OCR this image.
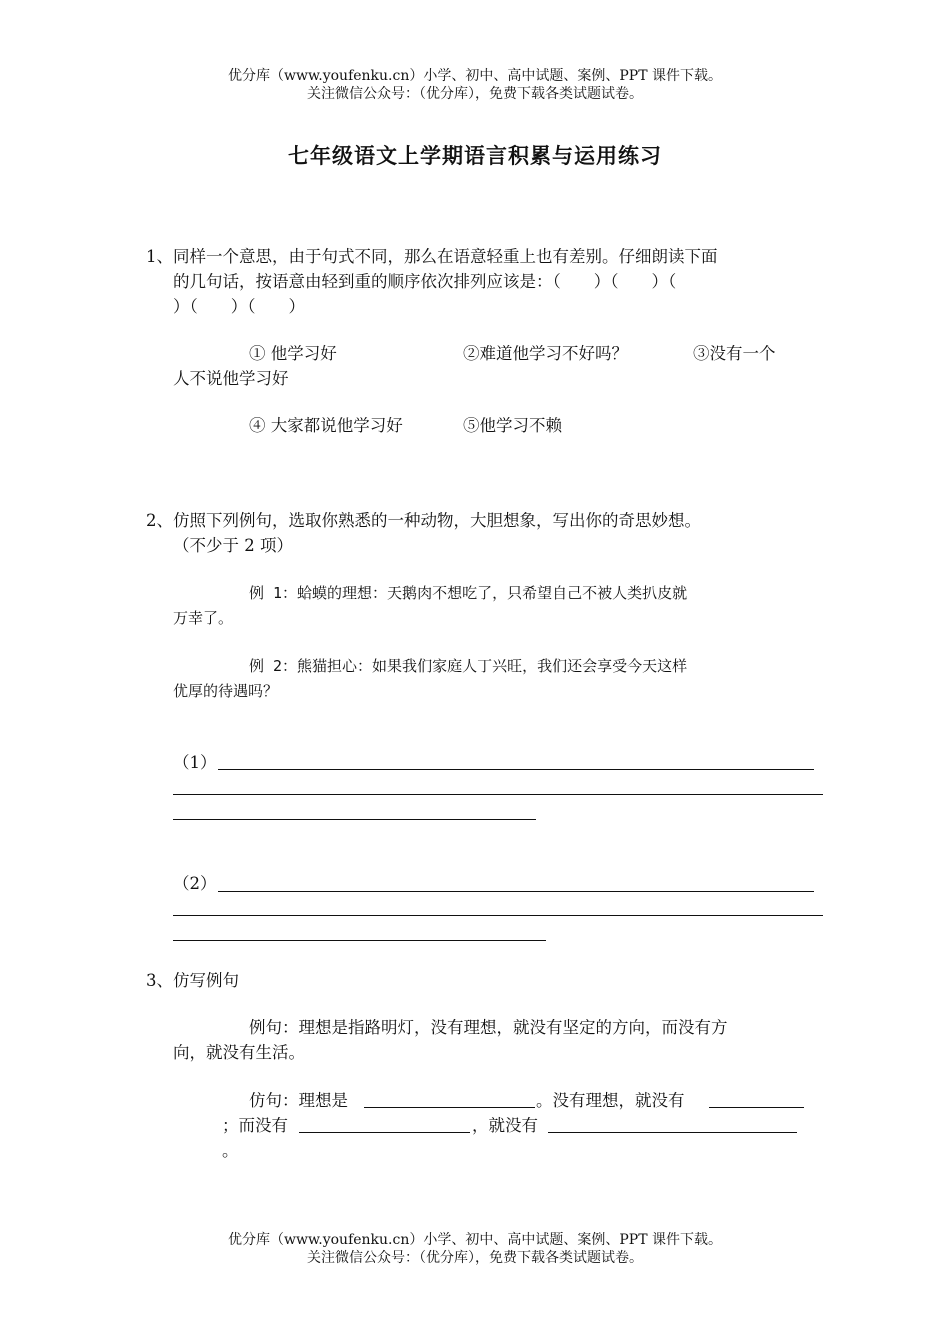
优分库（www.youfenku.cn）小学、初中、高中试题、案例、PPT 课件下载。
关注微信公众号：（优分库），免费下载各类试题试卷。
七年级语文上学期语言积累与运用练习
1、同样一个意思，由于句式不同，那么在语意轻重上也有差别。仔细朗读下面
的几句话，按语意由轻到重的顺序依次排列应该是：（　　）（　　）（
）（　　）（　　）
① 他学习好	②难道他学习不好吗？	③没有一个
人不说他学习好
④ 大家都说他学习好	⑤他学习不赖
2、仿照下列例句，选取你熟悉的一种动物，大胆想象，写出你的奇思妙想。
（不少于 2 项）
例 1：蛤蟆的理想：天鹅肉不想吃了，只希望自己不被人类扒皮就
万幸了。
例 2：熊猫担心：如果我们家庭人丁兴旺，我们还会享受今天这样
优厚的待遇吗？
（1）
（2）
3、仿写例句
例句：理想是指路明灯，没有理想，就没有坚定的方向，而没有方
向，就没有生活。
仿句：理想是	。没有理想，就没有
；而没有	，就没有
。
优分库（www.youfenku.cn）小学、初中、高中试题、案例、PPT 课件下载。
关注微信公众号：（优分库），免费下载各类试题试卷。
